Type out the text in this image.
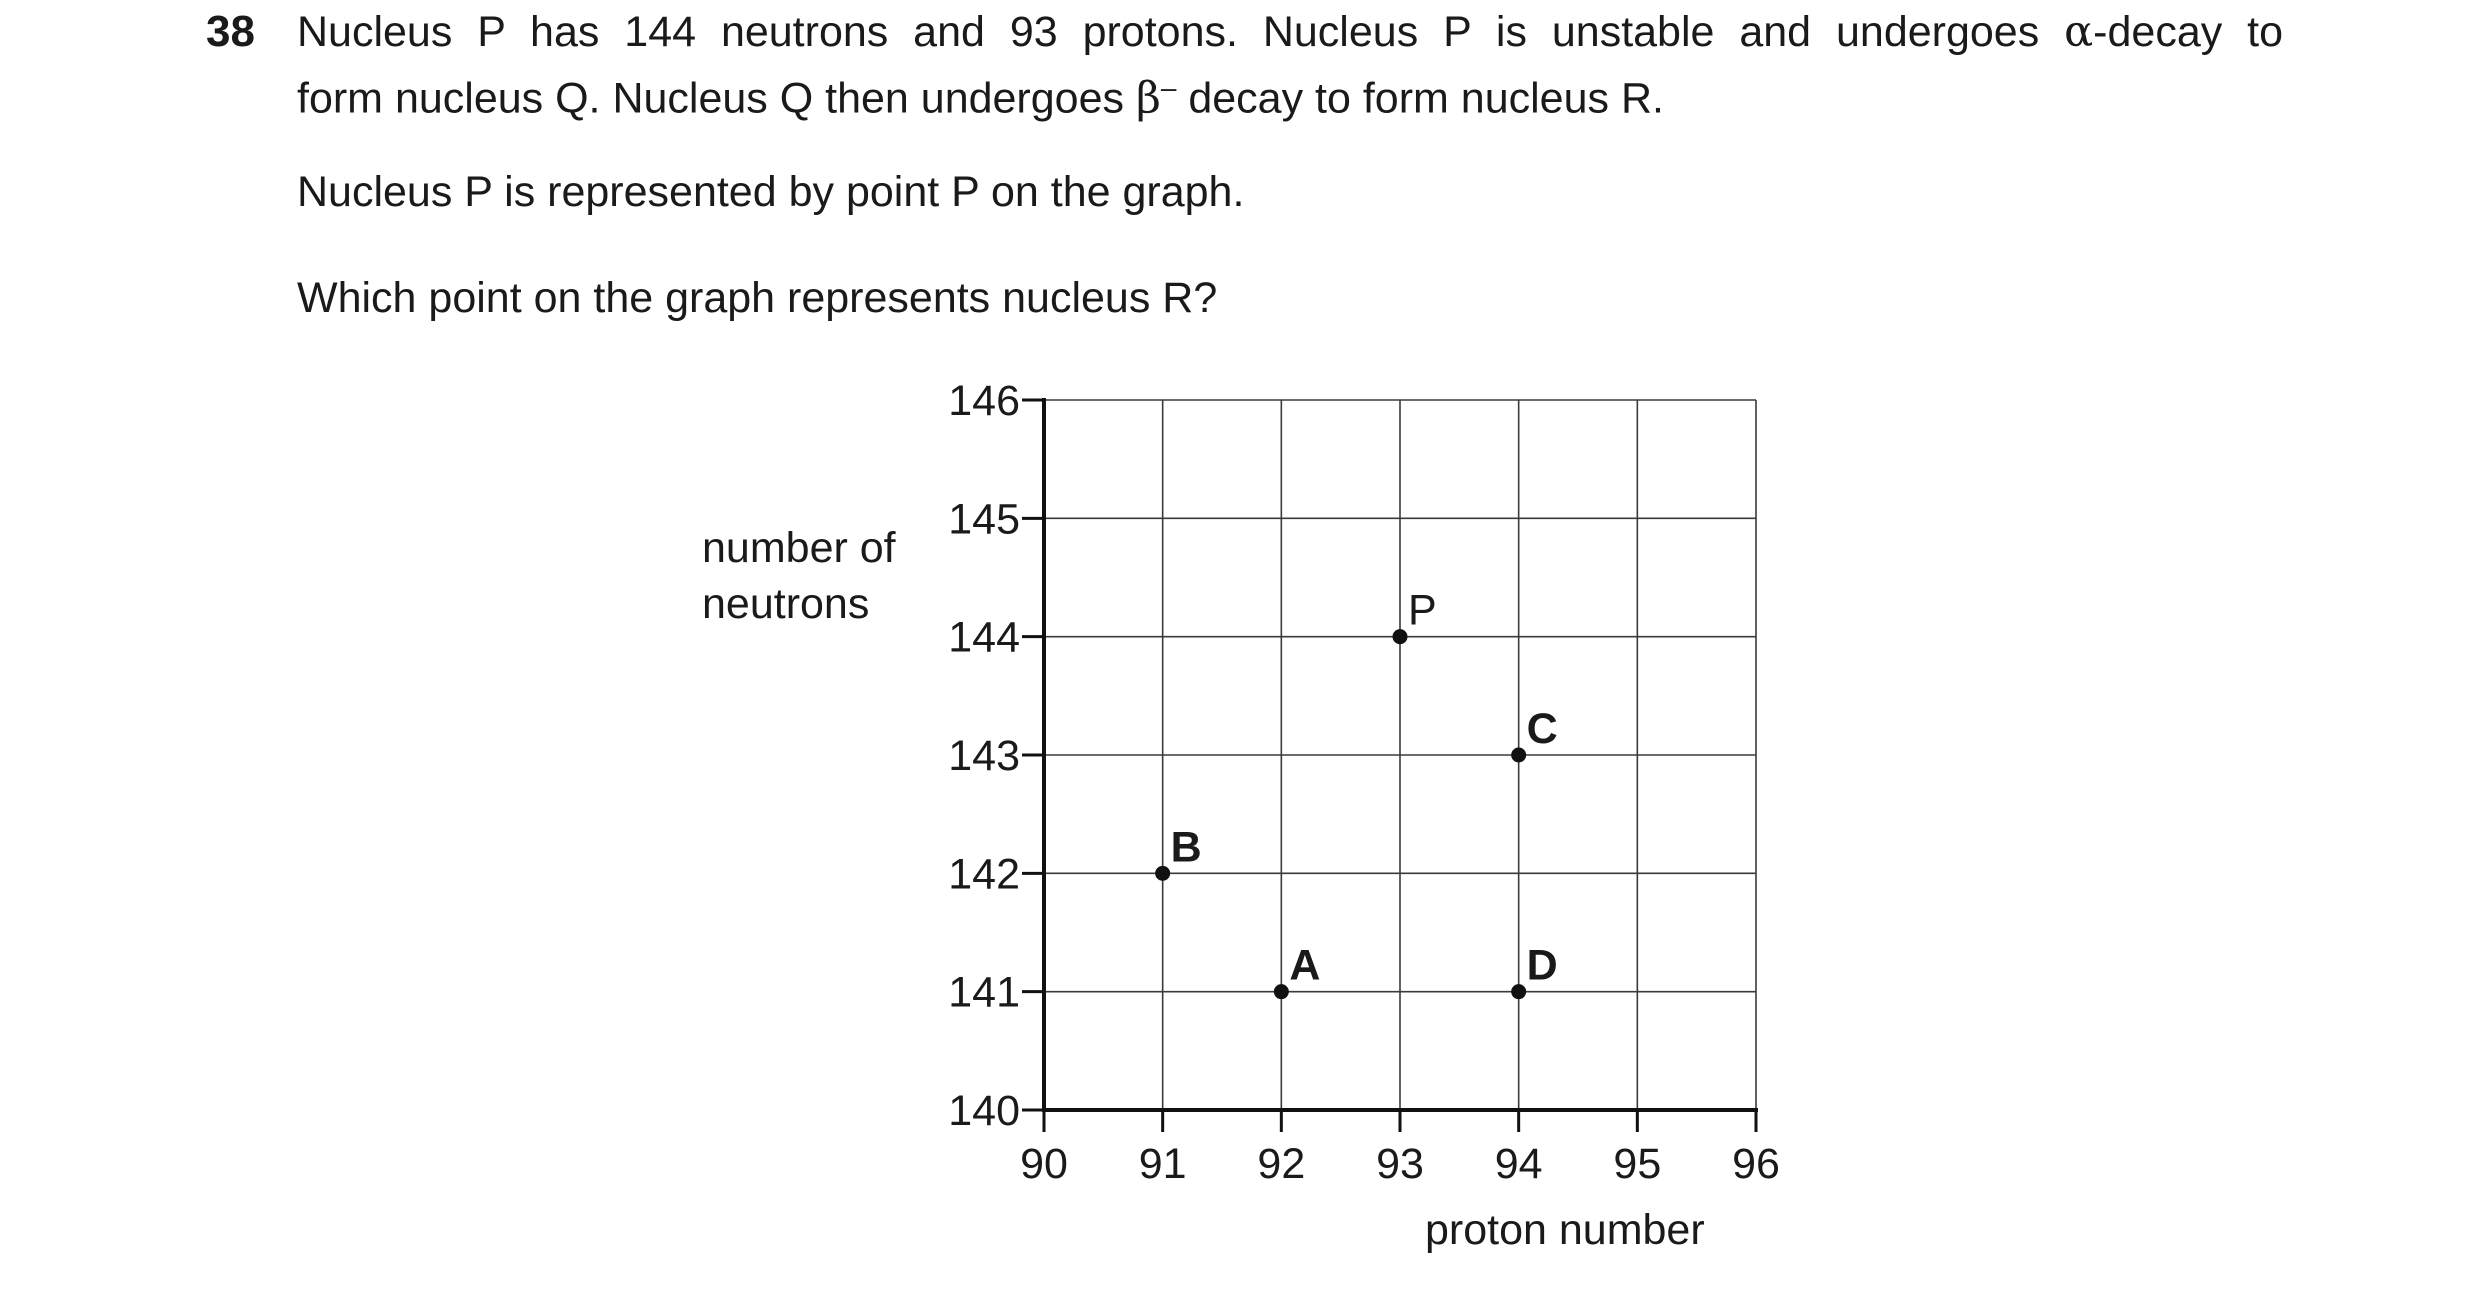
38 Nucleus P has 144 neutrons and 93 protons. Nucleus P is unstable and undergoes α-decay to
form nucleus Q. Nucleus Q then undergoes β– decay to form nucleus R.
Nucleus P is represented by point P on the graph.
Which point on the graph represents nucleus R?
number of
neutrons
proton number
140
141
142
143
144
145
146
90 91 92 93 94 95 96
P
C
B
A	D
